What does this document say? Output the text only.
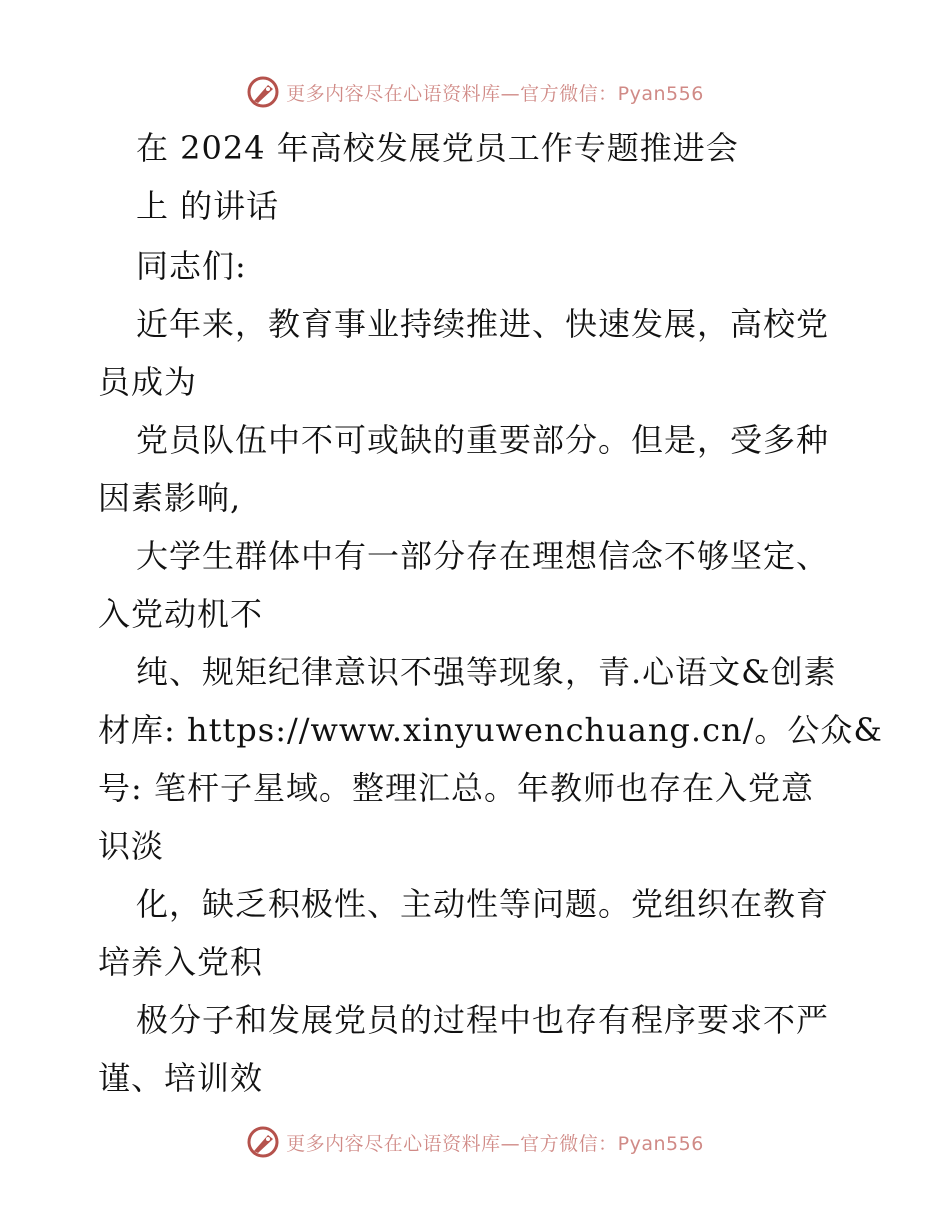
更多内容尽在心语资料库—官方微信：Pyan556
在 2024 年高校发展党员工作专题推进会
上 的讲话
同志们:
近年来，教育事业持续推进、快速发展，高校党
员成为
党员队伍中不可或缺的重要部分。但是，受多种
因素影响,
大学生群体中有一部分存在理想信念不够坚定、
入党动机不
纯、规矩纪律意识不强等现象，青.心语文&创素
材库: https://www.xinyuwenchuang.cn/。公众&
号: 笔杆子星域。整理汇总。年教师也存在入党意
识淡
化，缺乏积极性、主动性等问题。党组织在教育
培养入党积
极分子和发展党员的过程中也存有程序要求不严
谨、培训效
更多内容尽在心语资料库—官方微信：Pyan556
